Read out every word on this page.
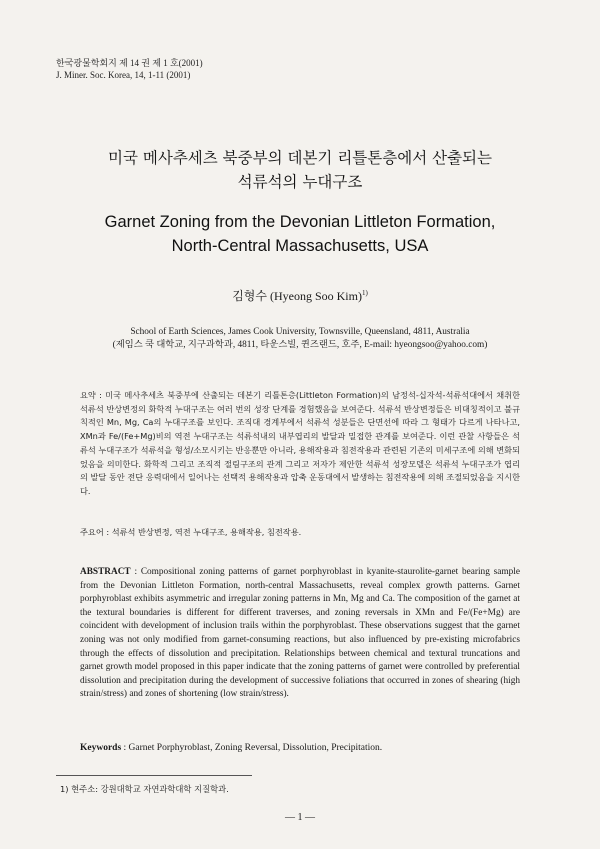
한국광물학회지 제 14 권 제 1 호(2001)
J. Miner. Soc. Korea, 14, 1-11 (2001)
미국 메사추세츠 북중부의 데본기 리틀톤층에서 산출되는
석류석의 누대구조
Garnet Zoning from the Devonian Littleton Formation,
North-Central Massachusetts, USA
김형수 (Hyeong Soo Kim)$^{1)}$
School of Earth Sciences, James Cook University, Townsville, Queensland, 4811, Australia
(제임스 쿡 대학교, 지구과학과, 4811, 타운스빌, 퀸즈랜드, 호주, E-mail: hyeongsoo@yahoo.com)
요약 : 미국 메사추세츠 북중부에 산출되는 데본기 리틀톤층(Littleton Formation)의 남정석-십자석-석류석대에서 채취한 석류석 반상변정의 화학적 누대구조는 여러 번의 성장 단계를 경험했음을 보여준다. 석류석 반상변정들은 비대칭적이고 불규칙적인 Mn, Mg, Ca의 누대구조를 보인다. 조직대 경계부에서 석류석 성분들은 단면선에 따라 그 형태가 다르게 나타나고, XMn과 Fe/(Fe+Mg)비의 역전 누대구조는 석류석내의 내부엽리의 발달과 밀접한 관계를 보여준다. 이런 관찰 사항들은 석류석 누대구조가 석류석을 형성/소모시키는 반응뿐만 아니라, 용해작용과 침전작용과 관련된 기존의 미세구조에 의해 변화되었음을 의미한다. 화학적 그리고 조직적 절림구조의 관계 그리고 저자가 제안한 석류석 성장모델은 석류석 누대구조가 엽리의 발달 동안 전단 응력대에서 일어나는 선택적 용해작용과 압축 운동대에서 발생하는 침전작용에 의해 조절되었음을 지시한다.
주요어 : 석류석 반상변정, 역전 누대구조, 용해작용, 침전작용.
ABSTRACT : Compositional zoning patterns of garnet porphyroblast in kyanite-staurolite-garnet bearing sample from the Devonian Littleton Formation, north-central Massachusetts, reveal complex growth patterns. Garnet porphyroblast exhibits asymmetric and irregular zoning patterns in Mn, Mg and Ca. The composition of the garnet at the textural boundaries is different for different traverses, and zoning reversals in XMn and Fe/(Fe+Mg) are coincident with development of inclusion trails within the porphyroblast. These observations suggest that the garnet zoning was not only modified from garnet-consuming reactions, but also influenced by pre-existing microfabrics through the effects of dissolution and precipitation. Relationships between chemical and textural truncations and garnet growth model proposed in this paper indicate that the zoning patterns of garnet were controlled by preferential dissolution and precipitation during the development of successive foliations that occurred in zones of shearing (high strain/stress) and zones of shortening (low strain/stress).
Keywords : Garnet Porphyroblast, Zoning Reversal, Dissolution, Precipitation.
1) 현주소: 강원대학교 자연과학대학 지질학과.
— 1 —
